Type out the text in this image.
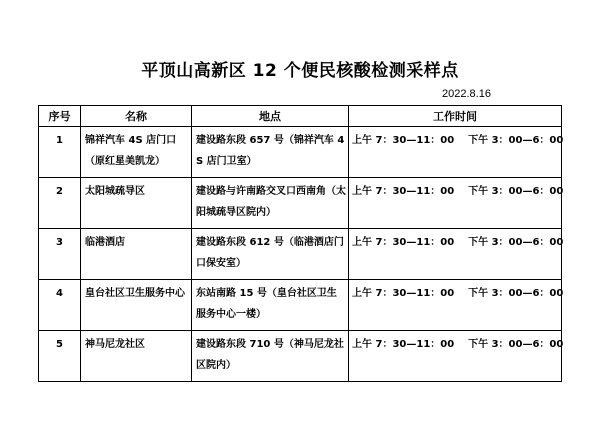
平顶山高新区 12 个便民核酸检测采样点
2022.8.16
序号	名称	地点	工作时间
1	锦祥汽车 4S 店门口（原红星美凯龙）	建设路东段 657 号（锦祥汽车 4S 店门卫室）	上午 7：30—11：00    下午 3：00—6：00
2	太阳城疏导区	建设路与许南路交叉口西南角（太阳城疏导区院内）	上午 7：30—11：00    下午 3：00—6：00
3	临港酒店	建设路东段 612 号（临港酒店门口保安室）	上午 7：30—11：00    下午 3：00—6：00
4	皇台社区卫生服务中心	东站南路 15 号（皇台社区卫生服务中心一楼）	上午 7：30—11：00    下午 3：00—6：00
5	神马尼龙社区	建设路东段 710 号（神马尼龙社区院内）	上午 7：30—11：00    下午 3：00—6：00
